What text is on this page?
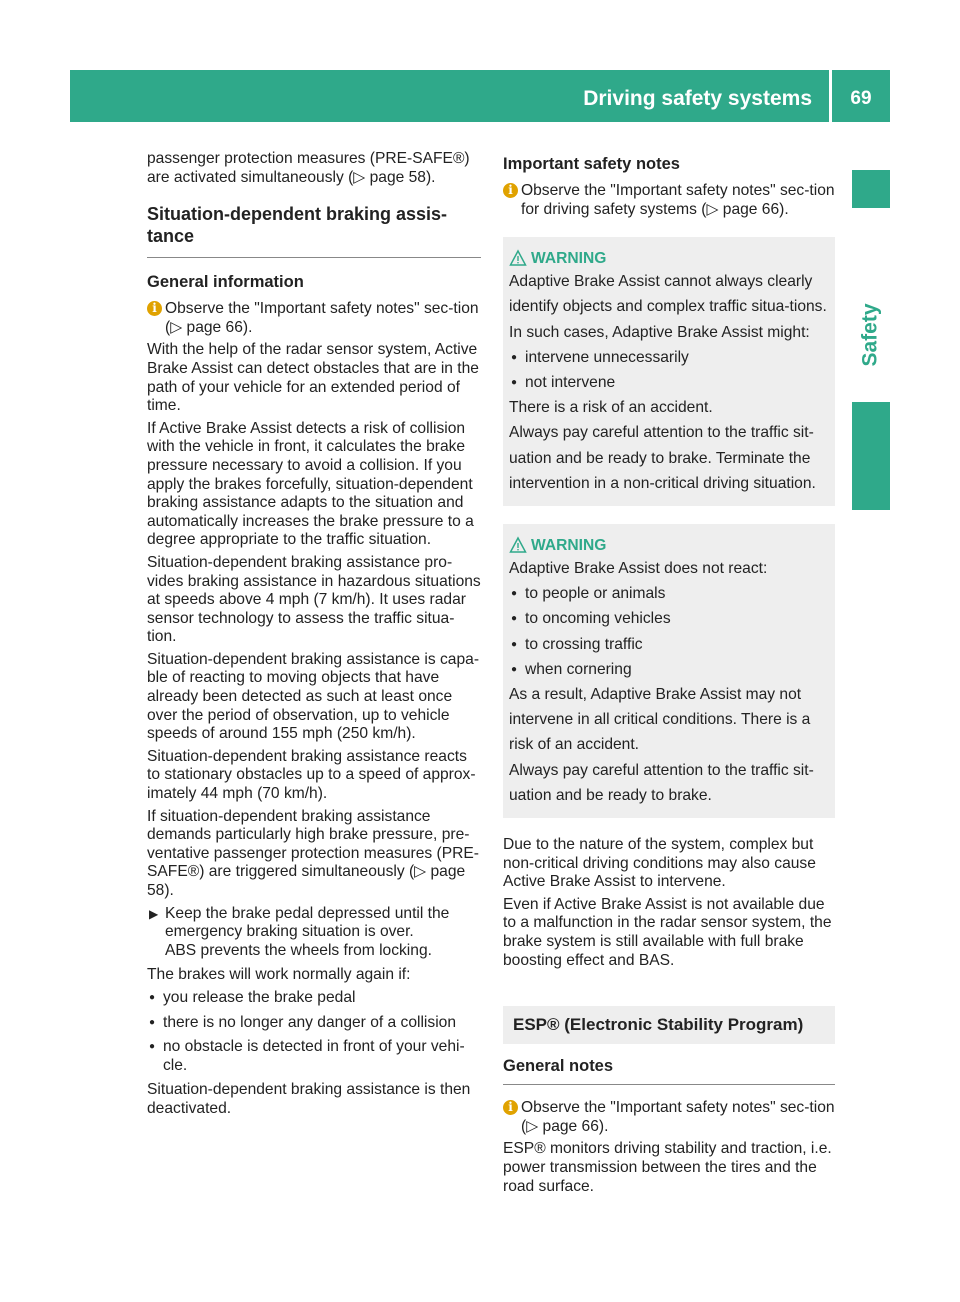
Driving safety systems	69
Safety

passenger protection measures (PRE-SAFE®)

are activated simultaneously (▷ page 58).

Situation-dependent braking assis-
tance
General information

i Observe the "Important safety notes" sec-tion (▷ page 66).

With the help of the radar sensor system, Active Brake Assist can detect obstacles that are in the path of your vehicle for an extended period of time.

If Active Brake Assist detects a risk of collision with the vehicle in front, it calculates the brake pressure necessary to avoid a collision. If you apply the brakes forcefully, situation-dependent braking assistance adapts to the situation and automatically increases the brake pressure to a degree appropriate to the traffic situation.

Situation-dependent braking assistance pro-vides braking assistance in hazardous situations at speeds above 4 mph (7 km/h). It uses radar sensor technology to assess the traffic situa-tion.

Situation-dependent braking assistance is capa-ble of reacting to moving objects that have already been detected as such at least once over the period of observation, up to vehicle speeds of around 155 mph (250 km/h).

Situation-dependent braking assistance reacts to stationary obstacles up to a speed of approx-imately 44 mph (70 km/h).

If situation-dependent braking assistance demands particularly high brake pressure, pre-ventative passenger protection measures (PRE-SAFE®) are triggered simultaneously (▷ page 58).

▶ Keep the brake pedal depressed until the emergency braking situation is over.
ABS prevents the wheels from locking.

The brakes will work normally again if:

● you release the brake pedal
● there is no longer any danger of a collision
● no obstacle is detected in front of your vehi-cle.

Situation-dependent braking assistance is then deactivated.

Important safety notes

i Observe the "Important safety notes" sec-tion for driving safety systems (▷ page 66).

WARNING

Adaptive Brake Assist cannot always clearly identify objects and complex traffic situa-tions.

In such cases, Adaptive Brake Assist might:

● intervene unnecessarily
● not intervene

There is a risk of an accident.

Always pay careful attention to the traffic sit-uation and be ready to brake. Terminate the intervention in a non-critical driving situation.

WARNING

Adaptive Brake Assist does not react:

● to people or animals
● to oncoming vehicles
● to crossing traffic
● when cornering

As a result, Adaptive Brake Assist may not intervene in all critical conditions. There is a risk of an accident.

Always pay careful attention to the traffic sit-uation and be ready to brake.

Due to the nature of the system, complex but non-critical driving conditions may also cause Active Brake Assist to intervene.

Even if Active Brake Assist is not available due to a malfunction in the radar sensor system, the brake system is still available with full brake boosting effect and BAS.

ESP® (Electronic Stability Program)
General notes

i Observe the "Important safety notes" sec-tion (▷ page 66).

ESP® monitors driving stability and traction, i.e. power transmission between the tires and the road surface.
